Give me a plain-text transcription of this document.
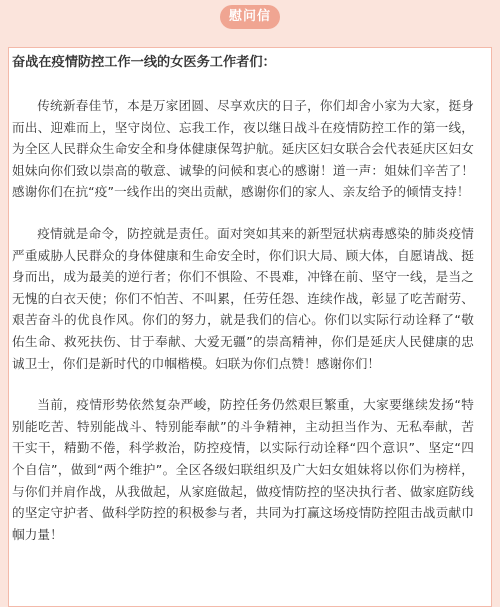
慰问信

奋战在疫情防控工作一线的女医务工作者们：

传统新春佳节，本是万家团圆、尽享欢庆的日子，你们却舍小家为大家，挺身而出、迎难而上，坚守岗位、忘我工作，夜以继日战斗在疫情防控工作的第一线，为全区人民群众生命安全和身体健康保驾护航。延庆区妇女联合会代表延庆区妇女姐妹向你们致以崇高的敬意、诚挚的问候和衷心的感谢！道一声：姐妹们辛苦了！感谢你们在抗“疫”一线作出的突出贡献，感谢你们的家人、亲友给予的倾情支持！

疫情就是命令，防控就是责任。面对突如其来的新型冠状病毒感染的肺炎疫情严重威胁人民群众的身体健康和生命安全时，你们识大局、顾大体，自愿请战、挺身而出，成为最美的逆行者；你们不惧险、不畏难，冲锋在前、坚守一线，是当之无愧的白衣天使；你们不怕苦、不叫累，任劳任怨、连续作战，彰显了吃苦耐劳、艰苦奋斗的优良作风。你们的努力，就是我们的信心。你们以实际行动诠释了“敬佑生命、救死扶伤、甘于奉献、大爱无疆”的崇高精神，你们是延庆人民健康的忠诚卫士，你们是新时代的巾帼楷模。妇联为你们点赞！感谢你们！

当前，疫情形势依然复杂严峻，防控任务仍然艰巨繁重，大家要继续发扬“特别能吃苦、特别能战斗、特别能奉献”的斗争精神，主动担当作为、无私奉献，苦干实干，精勤不倦，科学救治，防控疫情，以实际行动诠释“四个意识”、坚定“四个自信”，做到“两个维护”。全区各级妇联组织及广大妇女姐妹将以你们为榜样，与你们并肩作战，从我做起，从家庭做起，做疫情防控的坚决执行者、做家庭防线的坚定守护者、做科学防控的积极参与者，共同为打赢这场疫情防控阻击战贡献巾帼力量！
